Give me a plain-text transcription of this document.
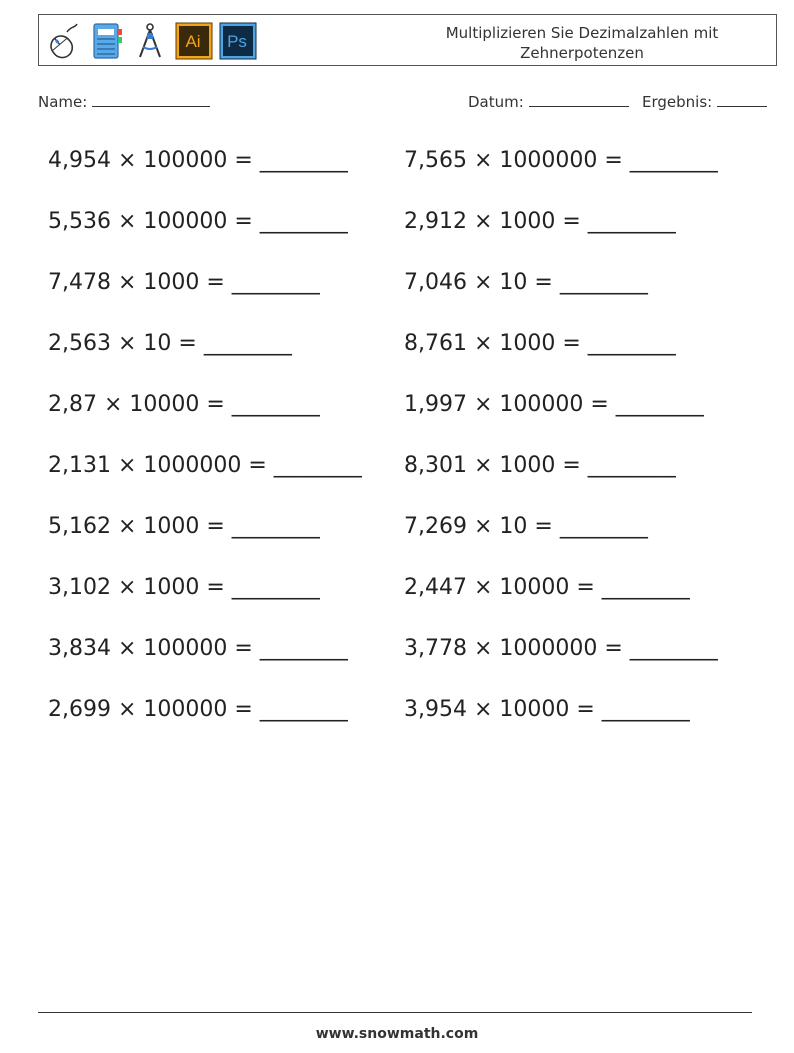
Ai Ps	Multiplizieren Sie Dezimalzahlen mit
Zehnerpotenzen
Name:	Datum:	Ergebnis:
4,954 × 100000 = ________
5,536 × 100000 = ________
7,478 × 1000 = ________
2,563 × 10 = ________
2,87 × 10000 = ________
2,131 × 1000000 = ________
5,162 × 1000 = ________
3,102 × 1000 = ________
3,834 × 100000 = ________
2,699 × 100000 = ________
7,565 × 1000000 = ________
2,912 × 1000 = ________
7,046 × 10 = ________
8,761 × 1000 = ________
1,997 × 100000 = ________
8,301 × 1000 = ________
7,269 × 10 = ________
2,447 × 10000 = ________
3,778 × 1000000 = ________
3,954 × 10000 = ________
www.snowmath.com
